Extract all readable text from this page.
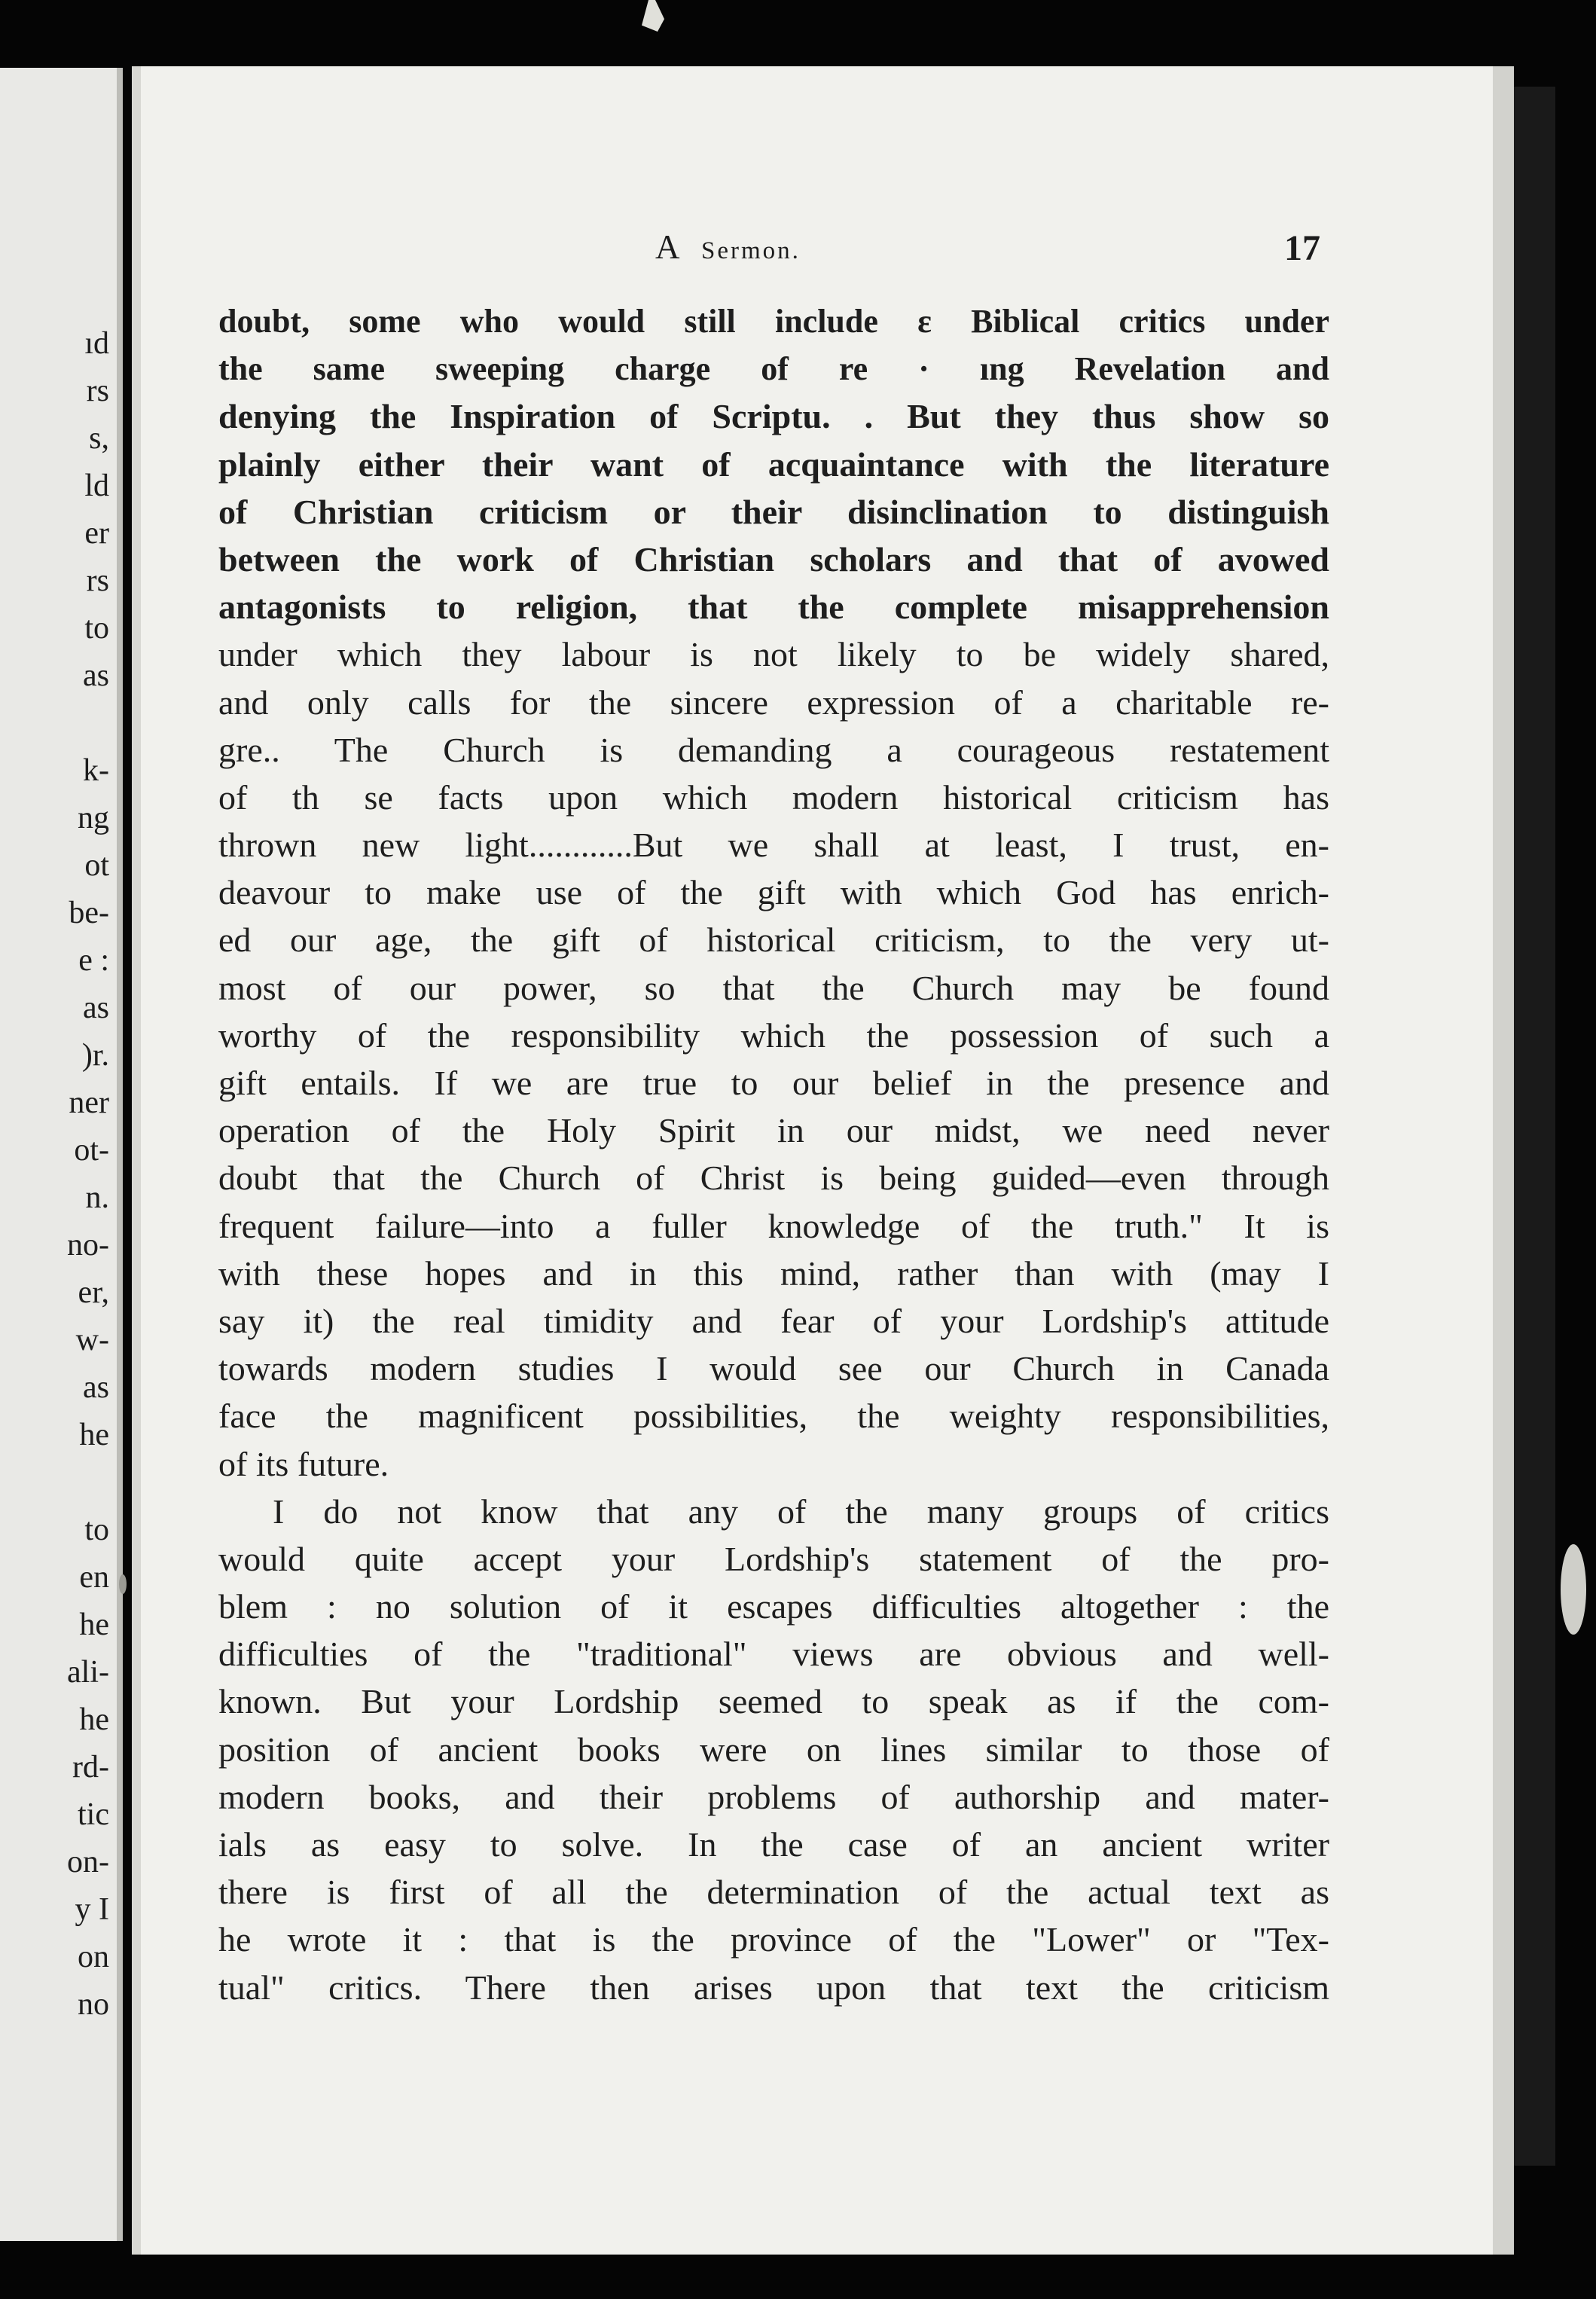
ıd
rs
s,
ld
er
rs
to
as
k-
ng
ot
be-
e :
as
)r.
ner
ot-
n.
no-
er,
w-
as
he
to
en
he
ali-
he
rd-
tic
on-
y I
on
no
A Sermon.	17
doubt, some who would still include ε Biblical critics under
the same sweeping charge of re · ıng Revelation and
denying the Inspiration of Scriptu. . But they thus show so
plainly either their want of acquaintance with the literature
of Christian criticism or their disinclination to distinguish
between the work of Christian scholars and that of avowed
antagonists to religion, that the complete misapprehension
under which they labour is not likely to be widely shared,
and only calls for the sincere expression of a charitable re-
gre.. The Church is demanding a courageous restatement
of th se facts upon which modern historical criticism has
thrown new light............But we shall at least, I trust, en-
deavour to make use of the gift with which God has enrich-
ed our age, the gift of historical criticism, to the very ut-
most of our power, so that the Church may be found
worthy of the responsibility which the possession of such a
gift entails. If we are true to our belief in the presence and
operation of the Holy Spirit in our midst, we need never
doubt that the Church of Christ is being guided—even through
frequent failure—into a fuller knowledge of the truth." It is
with these hopes and in this mind, rather than with (may I
say it) the real timidity and fear of your Lordship's attitude
towards modern studies I would see our Church in Canada
face the magnificent possibilities, the weighty responsibilities,
of its future.
I do not know that any of the many groups of critics
would quite accept your Lordship's statement of the pro-
blem : no solution of it escapes difficulties altogether : the
difficulties of the "traditional" views are obvious and well-
known. But your Lordship seemed to speak as if the com-
position of ancient books were on lines similar to those of
modern books, and their problems of authorship and mater-
ials as easy to solve. In the case of an ancient writer
there is first of all the determination of the actual text as
he wrote it : that is the province of the "Lower" or "Tex-
tual" critics. There then arises upon that text the criticism
